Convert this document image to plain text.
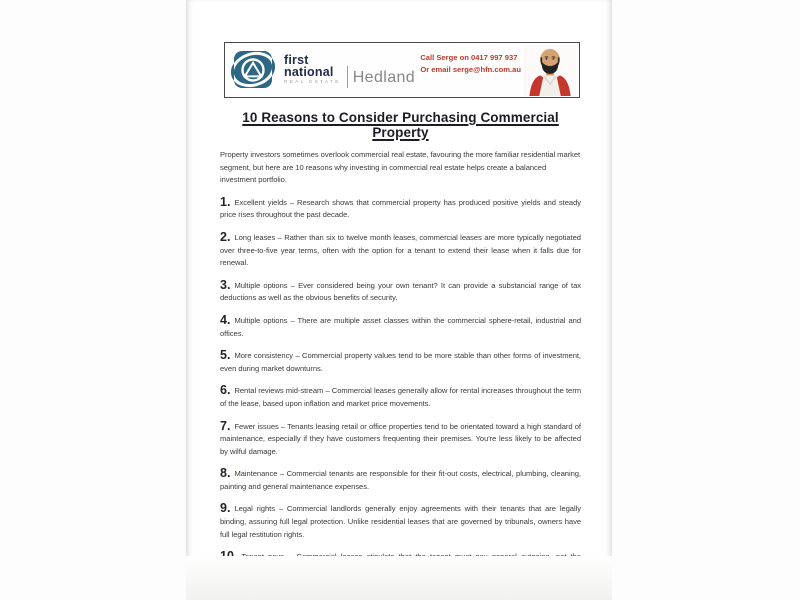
first
national
REAL ESTATE Hedland
Call Serge on 0417 997 937
Or email serge@hfn.com.au
10 Reasons to Consider Purchasing Commercial Property

Property investors sometimes overlook commercial real estate, favouring the more familiar residential market segment, but here are 10 reasons why investing in commercial real estate helps create a balanced investment portfolio.

1. Excellent yields – Research shows that commercial property has produced positive yields and steady price rises throughout the past decade.

2. Long leases – Rather than six to twelve month leases, commercial leases are more typically negotiated over three-to-five year terms, often with the option for a tenant to extend their lease when it falls due for renewal.

3. Multiple options – Ever considered being your own tenant? It can provide a substancial range of tax deductions as well as the obvious benefits of security.

4. Multiple options – There are multiple asset classes within the commercial sphere-retail, industrial and offices.

5. More consistency – Commercial property values tend to be more stable than other forms of investment, even during market downturns.

6. Rental reviews mid-stream – Commercial leases generally allow for rental increases throughout the term of the lease, based upon inflation and market price movements.

7. Fewer issues – Tenants leasing retail or office properties tend to be orientated toward a high standard of maintenance, especially if they have customers frequenting their premises. You're less likely to be affected by wilful damage.

8. Maintenance – Commercial tenants are responsible for their fit-out costs, electrical, plumbing, cleaning, painting and general maintenance expenses.

9. Legal rights – Commercial landlords generally enjoy agreements with their tenants that are legally binding, assuring full legal protection. Unlike residential leases that are governed by tribunals, owners have full legal restitution rights.
